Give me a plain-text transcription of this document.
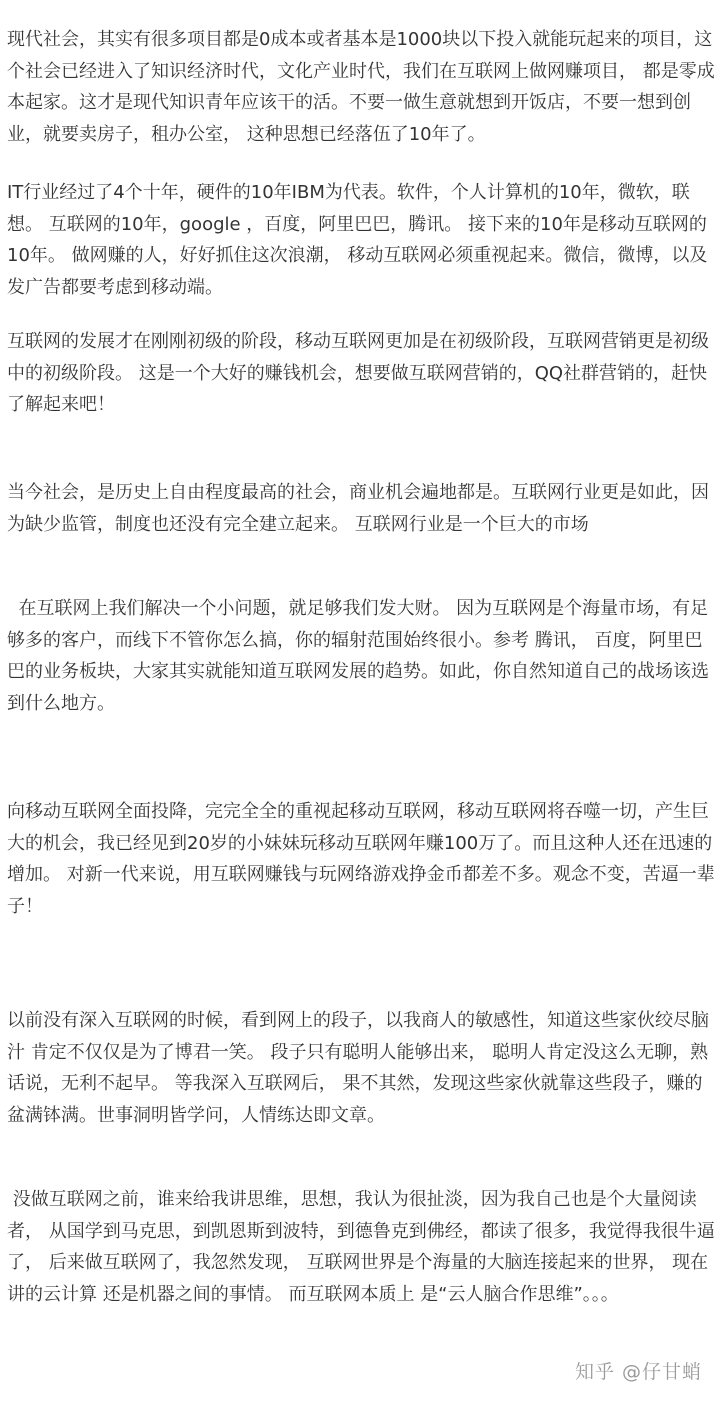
现代社会，其实有很多项目都是0成本或者基本是1000块以下投入就能玩起来的项目，这个社会已经进入了知识经济时代，文化产业时代，我们在互联网上做网赚项目， 都是零成本起家。这才是现代知识青年应该干的活。不要一做生意就想到开饭店，不要一想到创业，就要卖房子，租办公室， 这种思想已经落伍了10年了。

IT行业经过了4个十年，硬件的10年IBM为代表。软件，个人计算机的10年，微软，联想。 互联网的10年，google ，百度，阿里巴巴，腾讯。 接下来的10年是移动互联网的10年。 做网赚的人，好好抓住这次浪潮， 移动互联网必须重视起来。微信，微博，以及发广告都要考虑到移动端。

互联网的发展才在刚刚初级的阶段，移动互联网更加是在初级阶段，互联网营销更是初级中的初级阶段。 这是一个大好的赚钱机会，想要做互联网营销的，QQ社群营销的，赶快了解起来吧！

当今社会，是历史上自由程度最高的社会，商业机会遍地都是。互联网行业更是如此，因为缺少监管，制度也还没有完全建立起来。 互联网行业是一个巨大的市场

在互联网上我们解决一个小问题，就足够我们发大财。 因为互联网是个海量市场，有足够多的客户，而线下不管你怎么搞，你的辐射范围始终很小。参考 腾讯， 百度，阿里巴巴的业务板块，大家其实就能知道互联网发展的趋势。如此，你自然知道自己的战场该选到什么地方。

向移动互联网全面投降，完完全全的重视起移动互联网，移动互联网将吞噬一切，产生巨大的机会，我已经见到20岁的小妹妹玩移动互联网年赚100万了。而且这种人还在迅速的增加。 对新一代来说，用互联网赚钱与玩网络游戏挣金币都差不多。观念不变，苦逼一辈子！

以前没有深入互联网的时候，看到网上的段子，以我商人的敏感性，知道这些家伙绞尽脑汁 肯定不仅仅是为了博君一笑。 段子只有聪明人能够出来， 聪明人肯定没这么无聊，熟话说，无利不起早。 等我深入互联网后， 果不其然，发现这些家伙就靠这些段子，赚的盆满钵满。世事洞明皆学问，人情练达即文章。

没做互联网之前，谁来给我讲思维，思想，我认为很扯淡，因为我自己也是个大量阅读者， 从国学到马克思，到凯恩斯到波特，到德鲁克到佛经，都读了很多，我觉得我很牛逼了， 后来做互联网了，我忽然发现， 互联网世界是个海量的大脑连接起来的世界， 现在讲的云计算 还是机器之间的事情。 而互联网本质上 是“云人脑合作思维”。。。

知乎 @仔甘蛸
